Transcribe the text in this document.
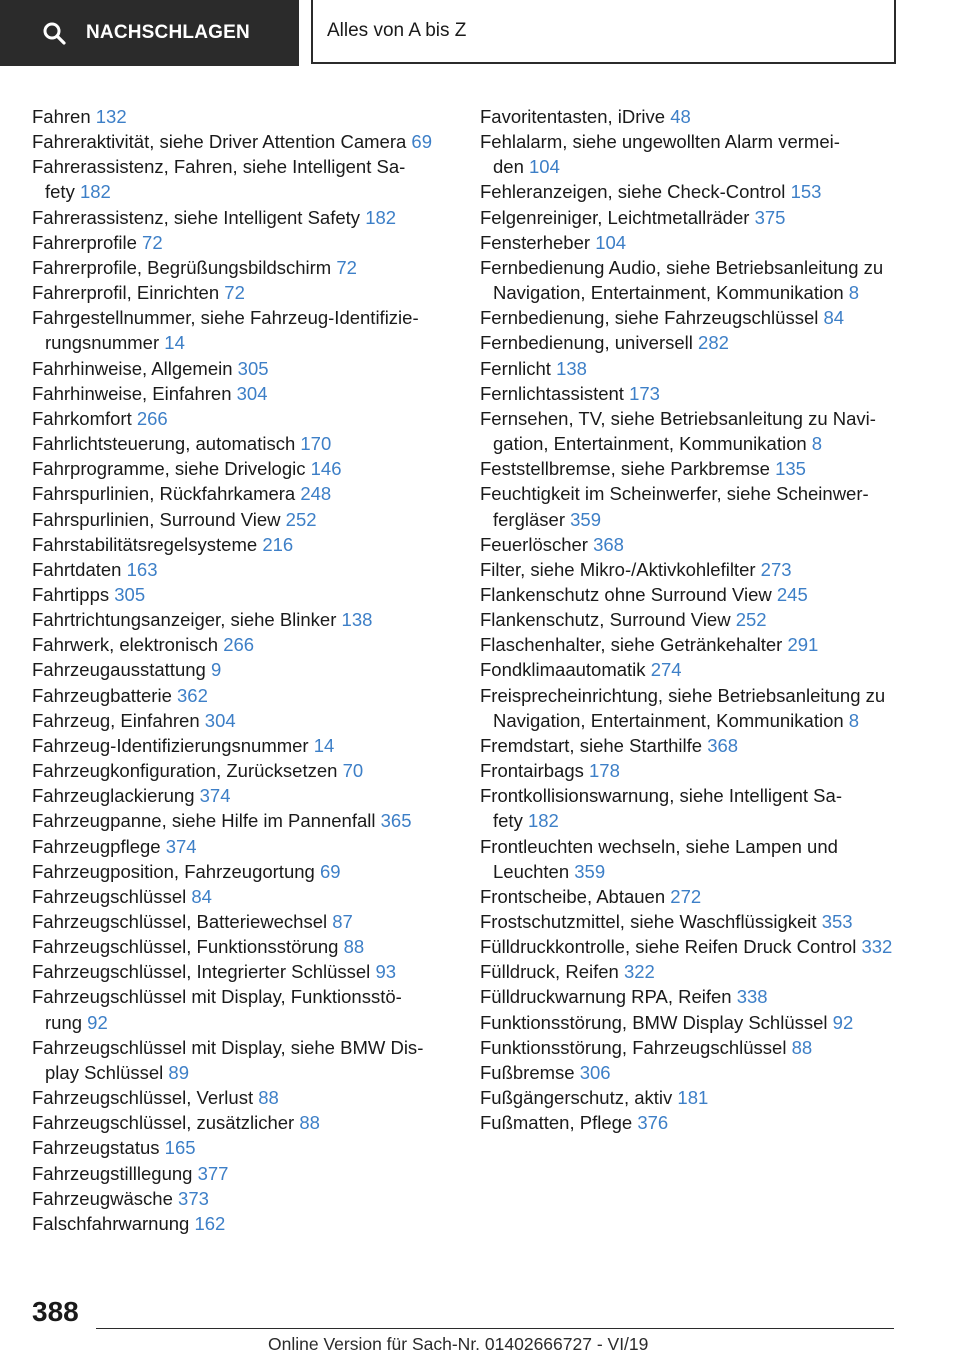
NACHSCHLAGEN	Alles von A bis Z
Fahren 132
Fahreraktivität, siehe Driver Attention Camera 69
Fahrerassistenz, Fahren, siehe Intelligent Safety 182
Fahrerassistenz, siehe Intelligent Safety 182
Fahrerprofile 72
Fahrerprofile, Begrüßungsbildschirm 72
Fahrerprofil, Einrichten 72
Fahrgestellnummer, siehe Fahrzeug-Identifizierungsnummer 14
Fahrhinweise, Allgemein 305
Fahrhinweise, Einfahren 304
Fahrkomfort 266
Fahrlichtsteuerung, automatisch 170
Fahrprogramme, siehe Drivelogic 146
Fahrspurlinien, Rückfahrkamera 248
Fahrspurlinien, Surround View 252
Fahrstabilitätsregelsysteme 216
Fahrtdaten 163
Fahrtipps 305
Fahrtrichtungsanzeiger, siehe Blinker 138
Fahrwerk, elektronisch 266
Fahrzeugausstattung 9
Fahrzeugbatterie 362
Fahrzeug, Einfahren 304
Fahrzeug-Identifizierungsnummer 14
Fahrzeugkonfiguration, Zurücksetzen 70
Fahrzeuglackierung 374
Fahrzeugpanne, siehe Hilfe im Pannenfall 365
Fahrzeugpflege 374
Fahrzeugposition, Fahrzeugortung 69
Fahrzeugschlüssel 84
Fahrzeugschlüssel, Batteriewechsel 87
Fahrzeugschlüssel, Funktionsstörung 88
Fahrzeugschlüssel, Integrierter Schlüssel 93
Fahrzeugschlüssel mit Display, Funktionsstörung 92
Fahrzeugschlüssel mit Display, siehe BMW Display Schlüssel 89
Fahrzeugschlüssel, Verlust 88
Fahrzeugschlüssel, zusätzlicher 88
Fahrzeugstatus 165
Fahrzeugstilllegung 377
Fahrzeugwäsche 373
Falschfahrwarnung 162
Favoritentasten, iDrive 48
Fehlalarm, siehe ungewollten Alarm vermeiden 104
Fehleranzeigen, siehe Check-Control 153
Felgenreiniger, Leichtmetallräder 375
Fensterheber 104
Fernbedienung Audio, siehe Betriebsanleitung zu Navigation, Entertainment, Kommunikation 8
Fernbedienung, siehe Fahrzeugschlüssel 84
Fernbedienung, universell 282
Fernlicht 138
Fernlichtassistent 173
Fernsehen, TV, siehe Betriebsanleitung zu Navigation, Entertainment, Kommunikation 8
Feststellbremse, siehe Parkbremse 135
Feuchtigkeit im Scheinwerfer, siehe Scheinwerfergläser 359
Feuerlöscher 368
Filter, siehe Mikro-/Aktivkohlefilter 273
Flankenschutz ohne Surround View 245
Flankenschutz, Surround View 252
Flaschenhalter, siehe Getränkehalter 291
Fondklimaautomatik 274
Freisprecheinrichtung, siehe Betriebsanleitung zu Navigation, Entertainment, Kommunikation 8
Fremdstart, siehe Starthilfe 368
Frontairbags 178
Frontkollisionswarnung, siehe Intelligent Safety 182
Frontleuchten wechseln, siehe Lampen und Leuchten 359
Frontscheibe, Abtauen 272
Frostschutzmittel, siehe Waschflüssigkeit 353
Fülldruckkontrolle, siehe Reifen Druck Control 332
Fülldruck, Reifen 322
Fülldruckwarnung RPA, Reifen 338
Funktionsstörung, BMW Display Schlüssel 92
Funktionsstörung, Fahrzeugschlüssel 88
Fußbremse 306
Fußgängerschutz, aktiv 181
Fußmatten, Pflege 376
388
Online Version für Sach-Nr. 01402666727 - VI/19
